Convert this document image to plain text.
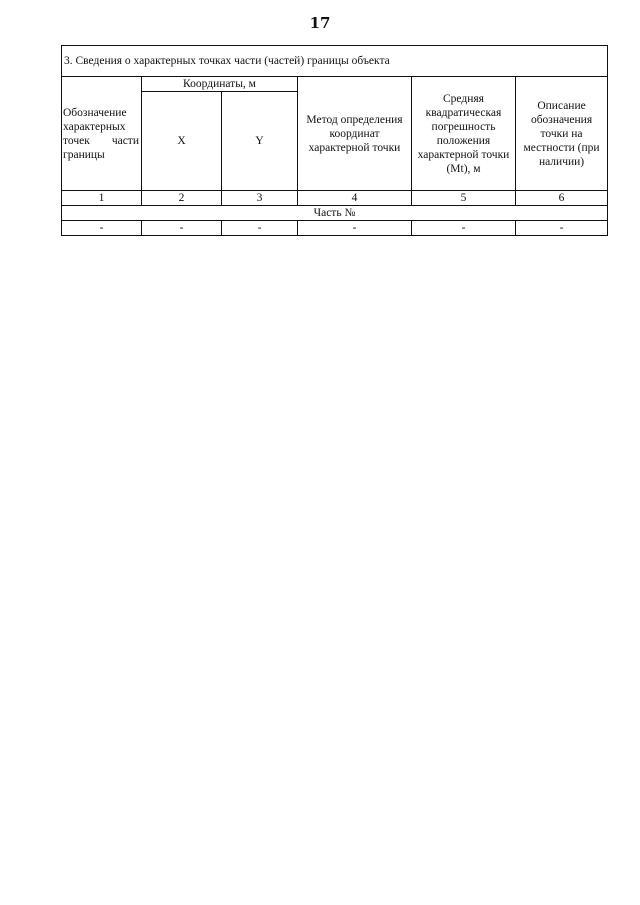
17
3. Сведения о характерных точках части (частей) границы объекта					
Обозначение характерных точек части границы	Координаты, м		Метод определения координат характерной точки	Средняя квадратическая погрешность положения характерной точки (Mt), м	Описание обозначения точки на местности (при наличии)
	X	Y			
1	2	3	4	5	6
Часть №					
-	-	-	-	-	-
